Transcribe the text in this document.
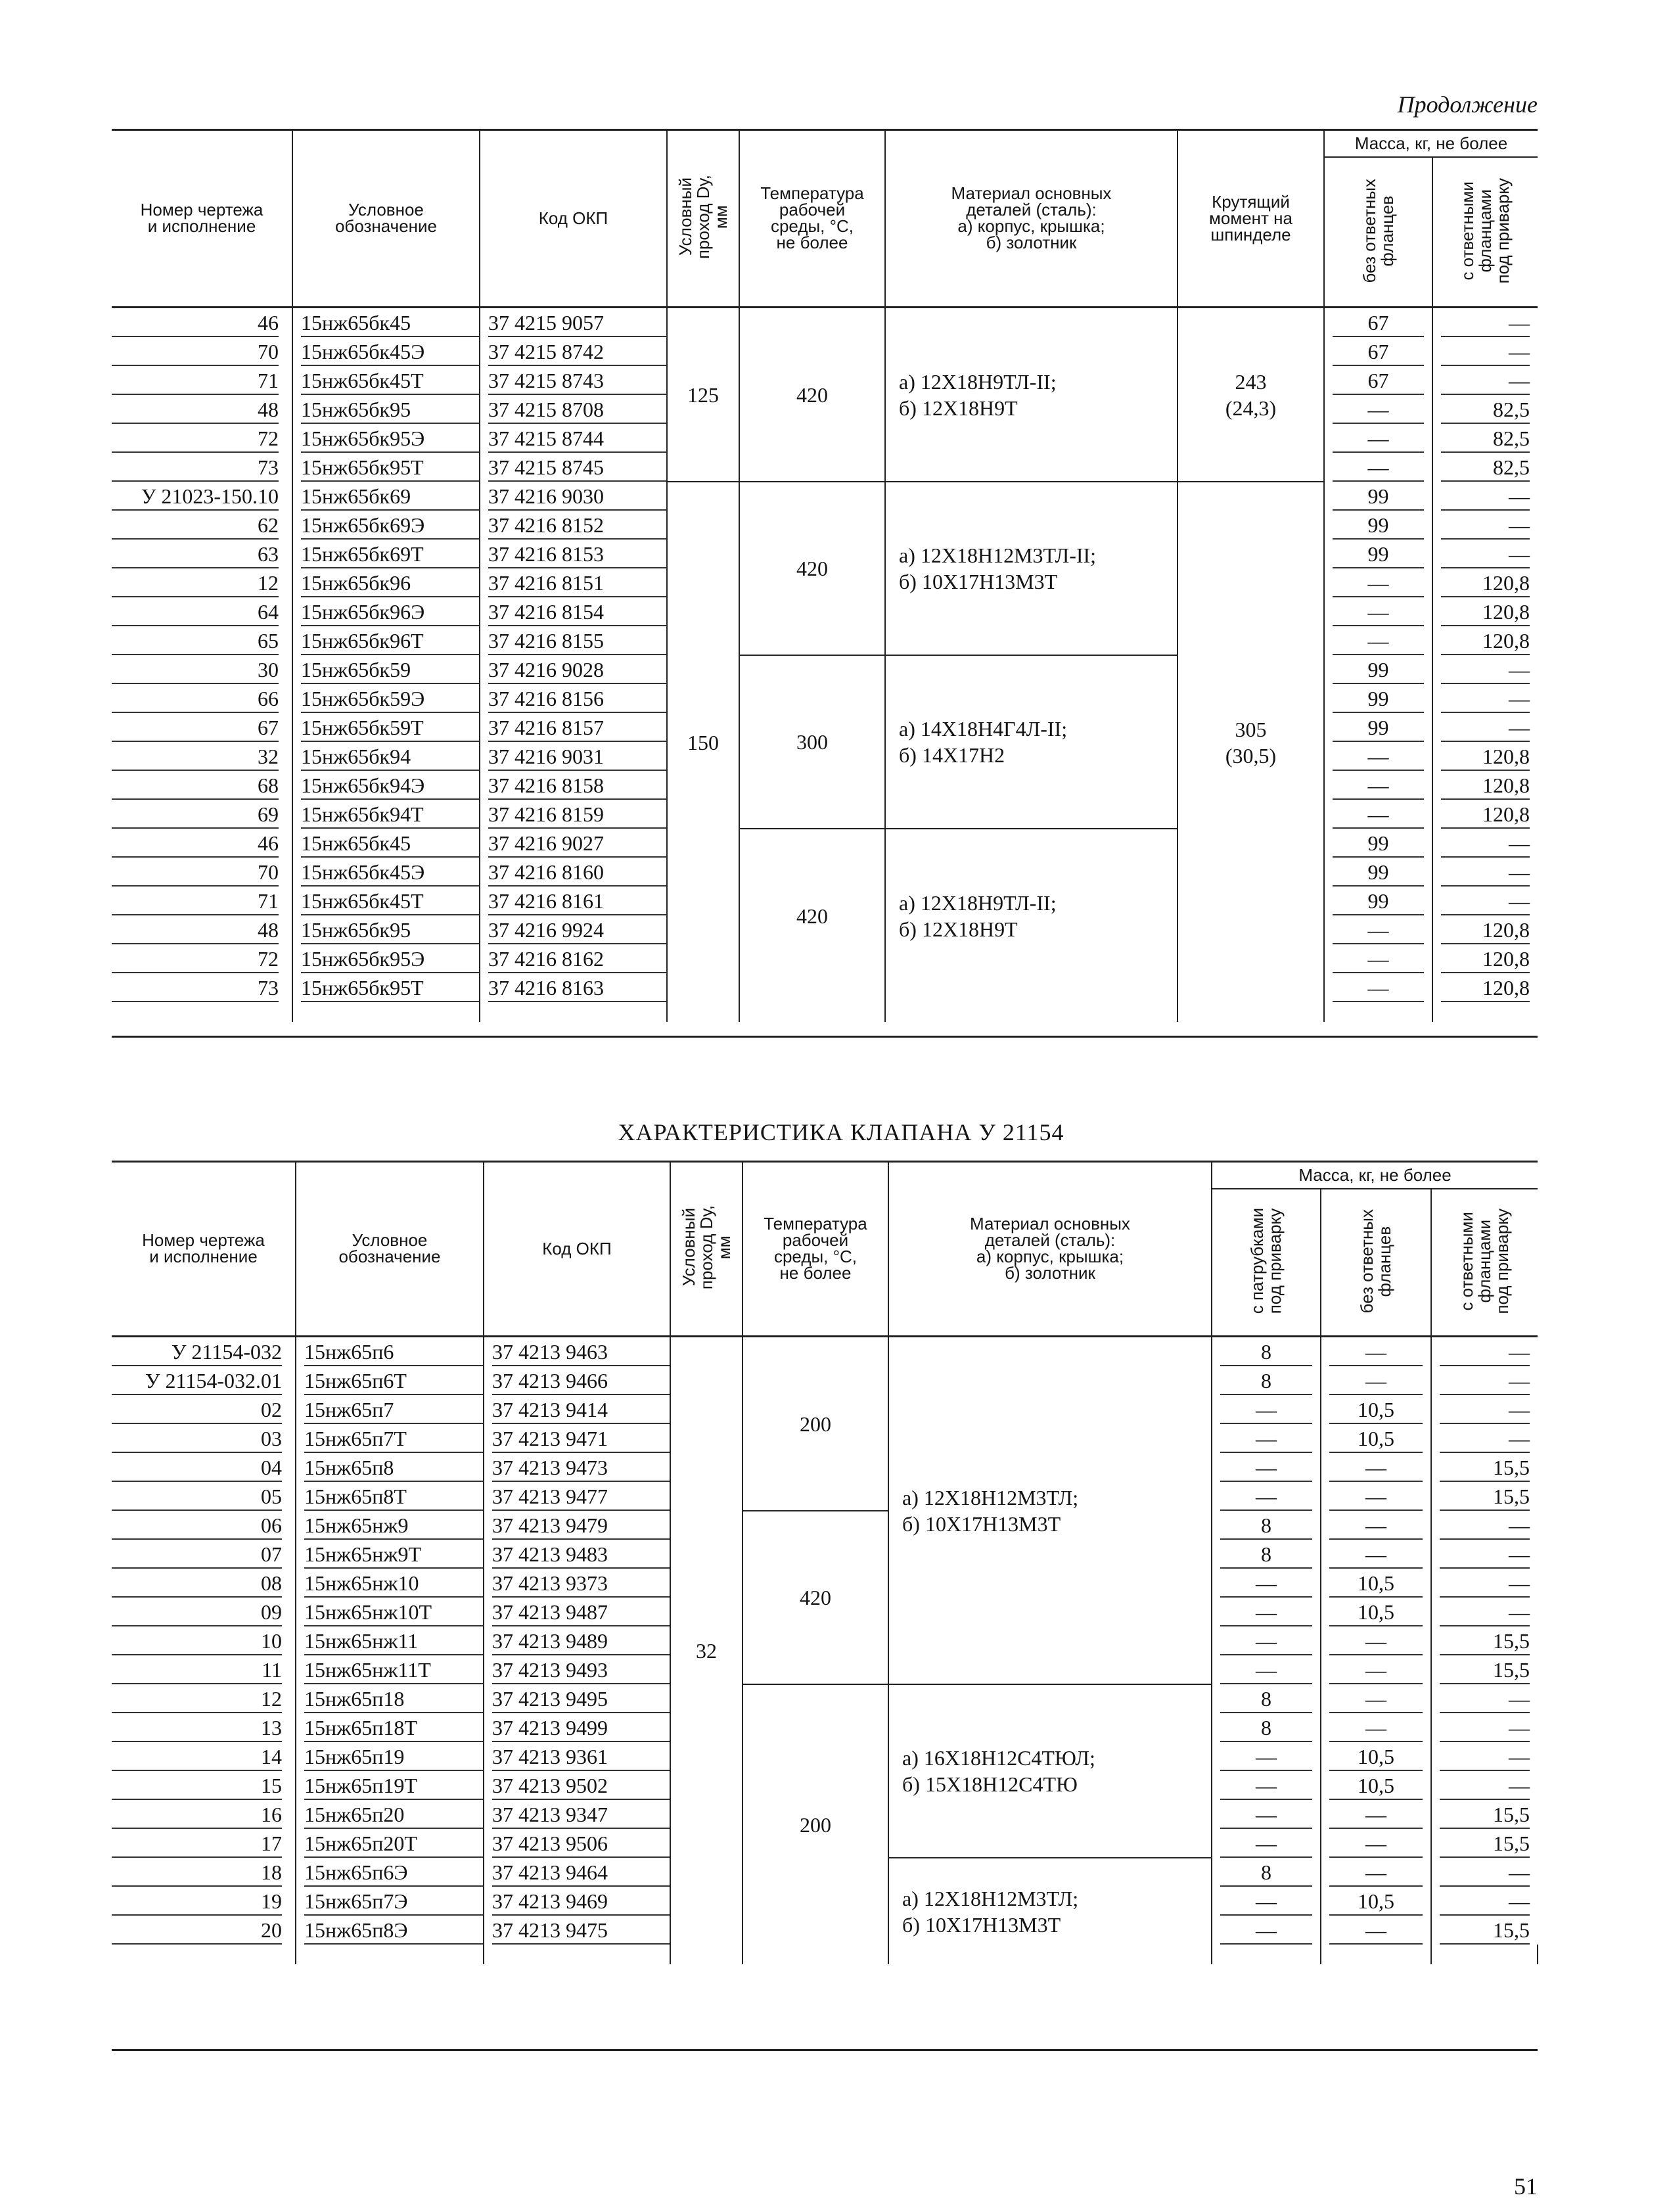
Продолжение
Номер чертежа
и исполнение	Условное
обозначение	Код ОКП	Условный
проход Dу,
мм	Температура
рабочей
среды, °С,
не более	Материал основных
деталей (сталь):
а) корпус, крышка;
б) золотник	Крутящий
момент на
шпинделе	Масса, кг, не более	
							без ответных
фланцев	с ответными
фланцами
под приварку

46	15нж65бк45	37 4215 9057	125	420	а) 12Х18Н9ТЛ-II;
б) 12Х18Н9Т	243
(24,3)	67	—

70	15нж65бк45Э	37 4215 8742					67	—

71	15нж65бк45Т	37 4215 8743					67	—

48	15нж65бк95	37 4215 8708					—	82,5

72	15нж65бк95Э	37 4215 8744					—	82,5

73	15нж65бк95Т	37 4215 8745					—	82,5

У 21023-150.10	15нж65бк69	37 4216 9030	150	420	а) 12Х18Н12М3ТЛ-II;
б) 10Х17Н13М3Т	305
(30,5)	99	—

62	15нж65бк69Э	37 4216 8152					99	—

63	15нж65бк69Т	37 4216 8153					99	—

12	15нж65бк96	37 4216 8151					—	120,8

64	15нж65бк96Э	37 4216 8154					—	120,8

65	15нж65бк96Т	37 4216 8155					—	120,8

30	15нж65бк59	37 4216 9028		300	а) 14Х18Н4Г4Л-II;
б) 14Х17Н2		99	—

66	15нж65бк59Э	37 4216 8156					99	—

67	15нж65бк59Т	37 4216 8157					99	—

32	15нж65бк94	37 4216 9031					—	120,8

68	15нж65бк94Э	37 4216 8158					—	120,8

69	15нж65бк94Т	37 4216 8159					—	120,8

46	15нж65бк45	37 4216 9027		420	а) 12Х18Н9ТЛ-II;
б) 12Х18Н9Т		99	—

70	15нж65бк45Э	37 4216 8160					99	—

71	15нж65бк45Т	37 4216 8161					99	—

48	15нж65бк95	37 4216 9924					—	120,8

72	15нж65бк95Э	37 4216 8162					—	120,8

73	15нж65бк95Т	37 4216 8163					—	120,8

ХАРАКТЕРИСТИКА КЛАПАНА У 21154
Номер чертежа
и исполнение	Условное
обозначение	Код ОКП	Условный
проход Dу,
мм	Температура
рабочей
среды, °С,
не более	Материал основных
деталей (сталь):
а) корпус, крышка;
б) золотник	Масса, кг, не более			
						с патрубками
под приварку	без ответных
фланцев	с ответными
фланцами
под приварку	

У 21154-032	15нж65п6	37 4213 9463	32	200	а) 12Х18Н12М3ТЛ;
б) 10Х17Н13М3Т	8	—	—	

У 21154-032.01	15нж65п6Т	37 4213 9466				8	—	—	

02	15нж65п7	37 4213 9414				—	10,5	—	

03	15нж65п7Т	37 4213 9471				—	10,5	—	

04	15нж65п8	37 4213 9473				—	—	15,5	

05	15нж65п8Т	37 4213 9477				—	—	15,5	

06	15нж65нж9	37 4213 9479		420		8	—	—	

07	15нж65нж9Т	37 4213 9483				8	—	—	

08	15нж65нж10	37 4213 9373				—	10,5	—	

09	15нж65нж10Т	37 4213 9487				—	10,5	—	

10	15нж65нж11	37 4213 9489				—	—	15,5	

11	15нж65нж11Т	37 4213 9493				—	—	15,5	

12	15нж65п18	37 4213 9495		200	а) 16Х18Н12С4ТЮЛ;
б) 15Х18Н12С4ТЮ	8	—	—	

13	15нж65п18Т	37 4213 9499				8	—	—	

14	15нж65п19	37 4213 9361				—	10,5	—	

15	15нж65п19Т	37 4213 9502				—	10,5	—	

16	15нж65п20	37 4213 9347				—	—	15,5	

17	15нж65п20Т	37 4213 9506				—	—	15,5	

18	15нж65п6Э	37 4213 9464			а) 12Х18Н12М3ТЛ;
б) 10Х17Н13М3Т	8	—	—	

19	15нж65п7Э	37 4213 9469				—	10,5	—	

20	15нж65п8Э	37 4213 9475				—	—	15,5	

51
